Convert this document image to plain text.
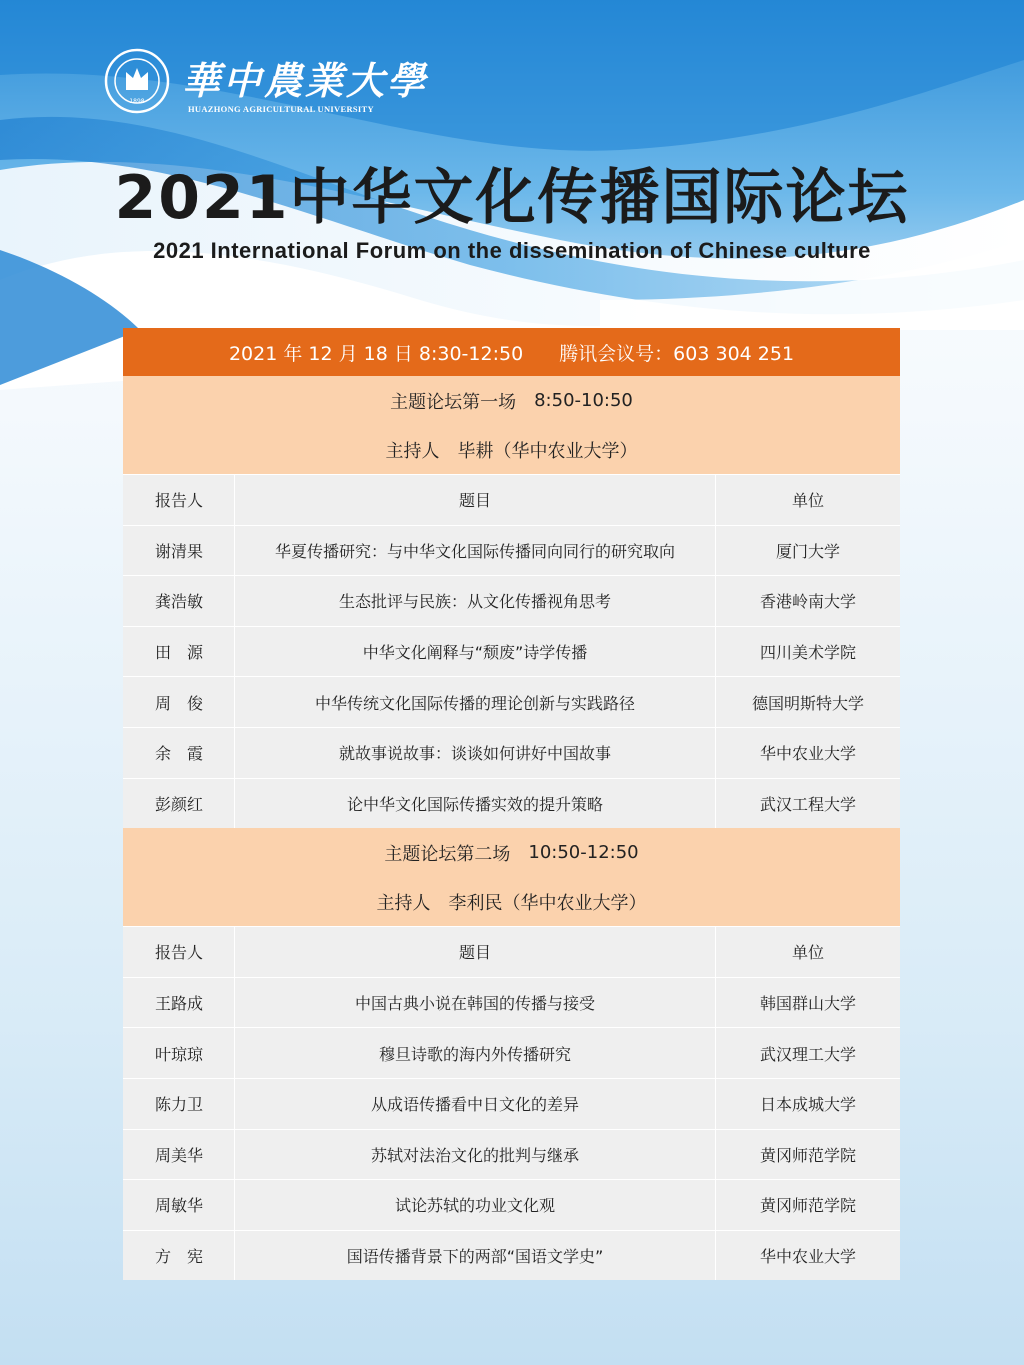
1898 華中農業大學
HUAZHONG AGRICULTURAL UNIVERSITY
2021中华文化传播国际论坛
2021 International Forum on the dissemination of Chinese culture
2021 年 12 月 18 日 8:30-12:50 腾讯会议号：603 304 251
主题论坛第一场 8:50-10:50
主持人 毕耕（华中农业大学）
报告人	题目	单位
谢清果	华夏传播研究：与中华文化国际传播同向同行的研究取向	厦门大学
龚浩敏	生态批评与民族：从文化传播视角思考	香港岭南大学
田　源	中华文化阐释与“颓废”诗学传播	四川美术学院
周　俊	中华传统文化国际传播的理论创新与实践路径	德国明斯特大学
余　霞	就故事说故事：谈谈如何讲好中国故事	华中农业大学
彭颜红	论中华文化国际传播实效的提升策略	武汉工程大学
主题论坛第二场 10:50-12:50
主持人 李利民（华中农业大学）
报告人	题目	单位
王路成	中国古典小说在韩国的传播与接受	韩国群山大学
叶琼琼	穆旦诗歌的海内外传播研究	武汉理工大学
陈力卫	从成语传播看中日文化的差异	日本成城大学
周美华	苏轼对法治文化的批判与继承	黄冈师范学院
周敏华	试论苏轼的功业文化观	黄冈师范学院
方　宪	国语传播背景下的两部“国语文学史”	华中农业大学
